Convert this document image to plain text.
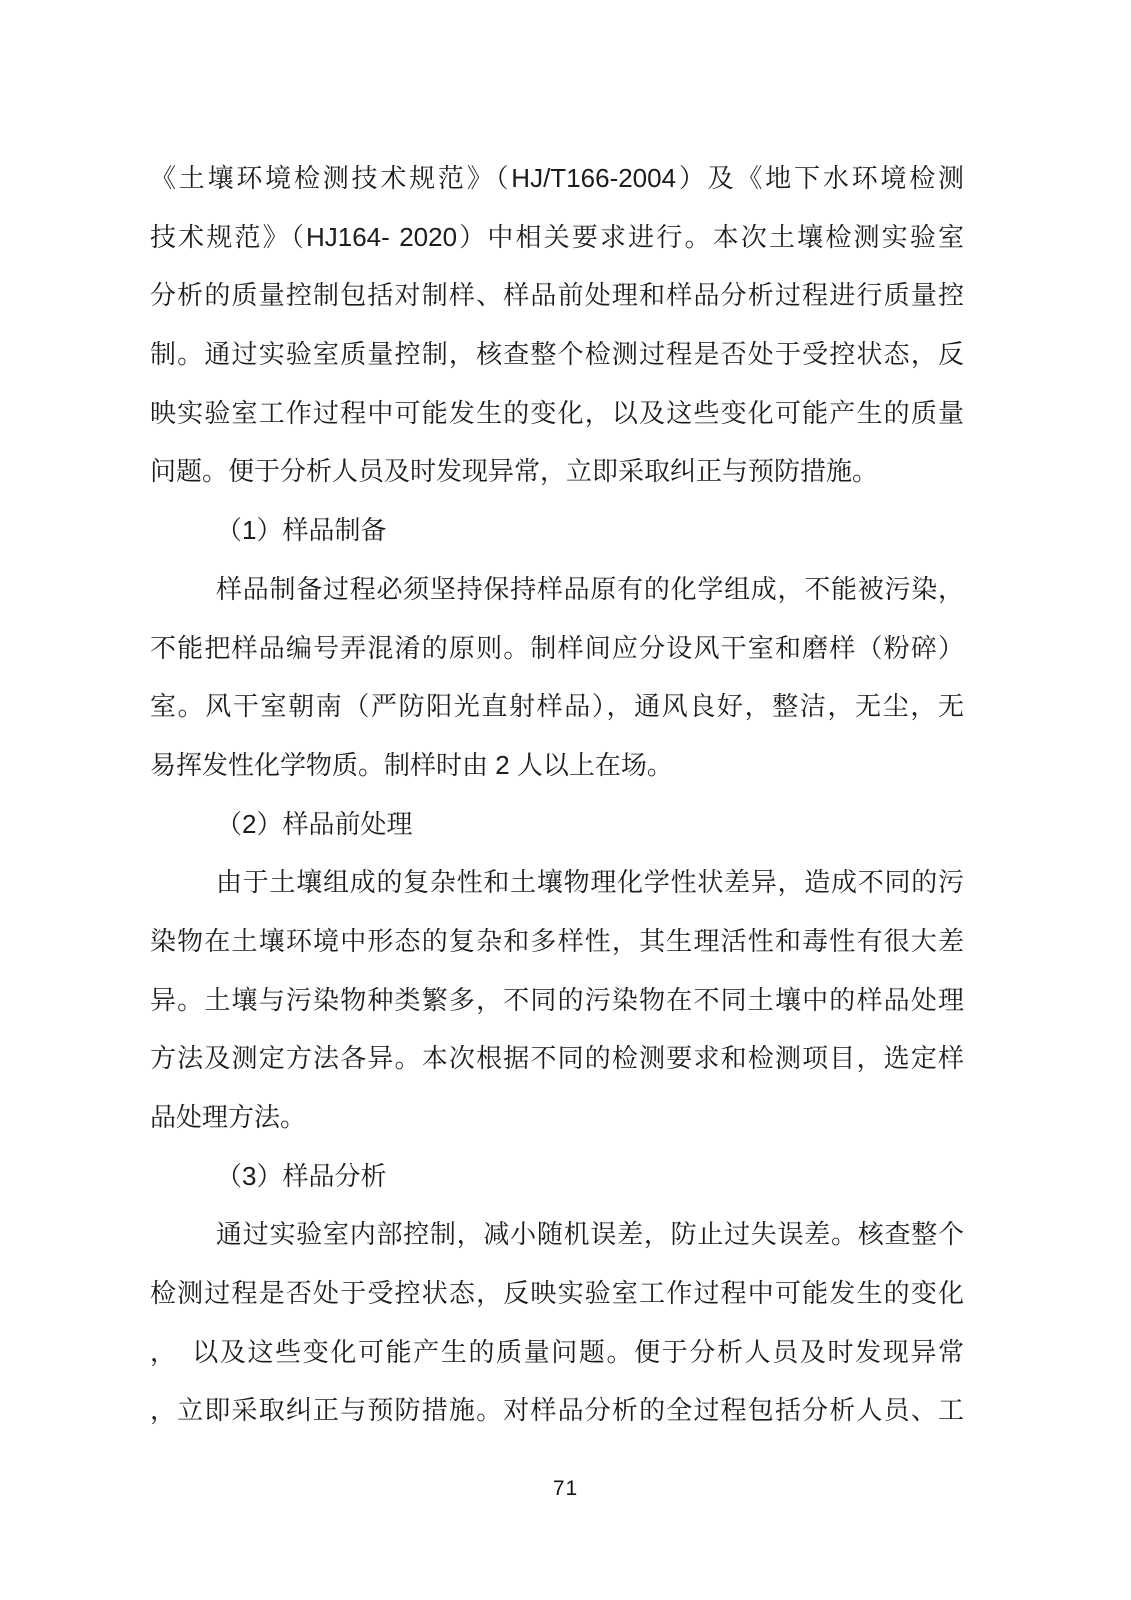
《土壤环境检测技术规范》（HJ/T166-2004）及《地下水环境检测
技术规范》（HJ164- 2020）中相关要求进行。本次土壤检测实验室
分析的质量控制包括对制样、样品前处理和样品分析过程进行质量控
制。通过实验室质量控制，核查整个检测过程是否处于受控状态，反
映实验室工作过程中可能发生的变化，以及这些变化可能产生的质量
问题。便于分析人员及时发现异常，立即采取纠正与预防措施。
（1）样品制备
样品制备过程必须坚持保持样品原有的化学组成，不能被污染，
不能把样品编号弄混淆的原则。制样间应分设风干室和磨样（粉碎）
室。风干室朝南（严防阳光直射样品），通风良好，整洁，无尘，无
易挥发性化学物质。制样时由 2 人以上在场。
（2）样品前处理
由于土壤组成的复杂性和土壤物理化学性状差异，造成不同的污
染物在土壤环境中形态的复杂和多样性，其生理活性和毒性有很大差
异。土壤与污染物种类繁多，不同的污染物在不同土壤中的样品处理
方法及测定方法各异。本次根据不同的检测要求和检测项目，选定样
品处理方法。
（3）样品分析
通过实验室内部控制，减小随机误差，防止过失误差。核查整个
检测过程是否处于受控状态，反映实验室工作过程中可能发生的变化
，　以及这些变化可能产生的质量问题。便于分析人员及时发现异常
，立即采取纠正与预防措施。对样品分析的全过程包括分析人员、工
71
